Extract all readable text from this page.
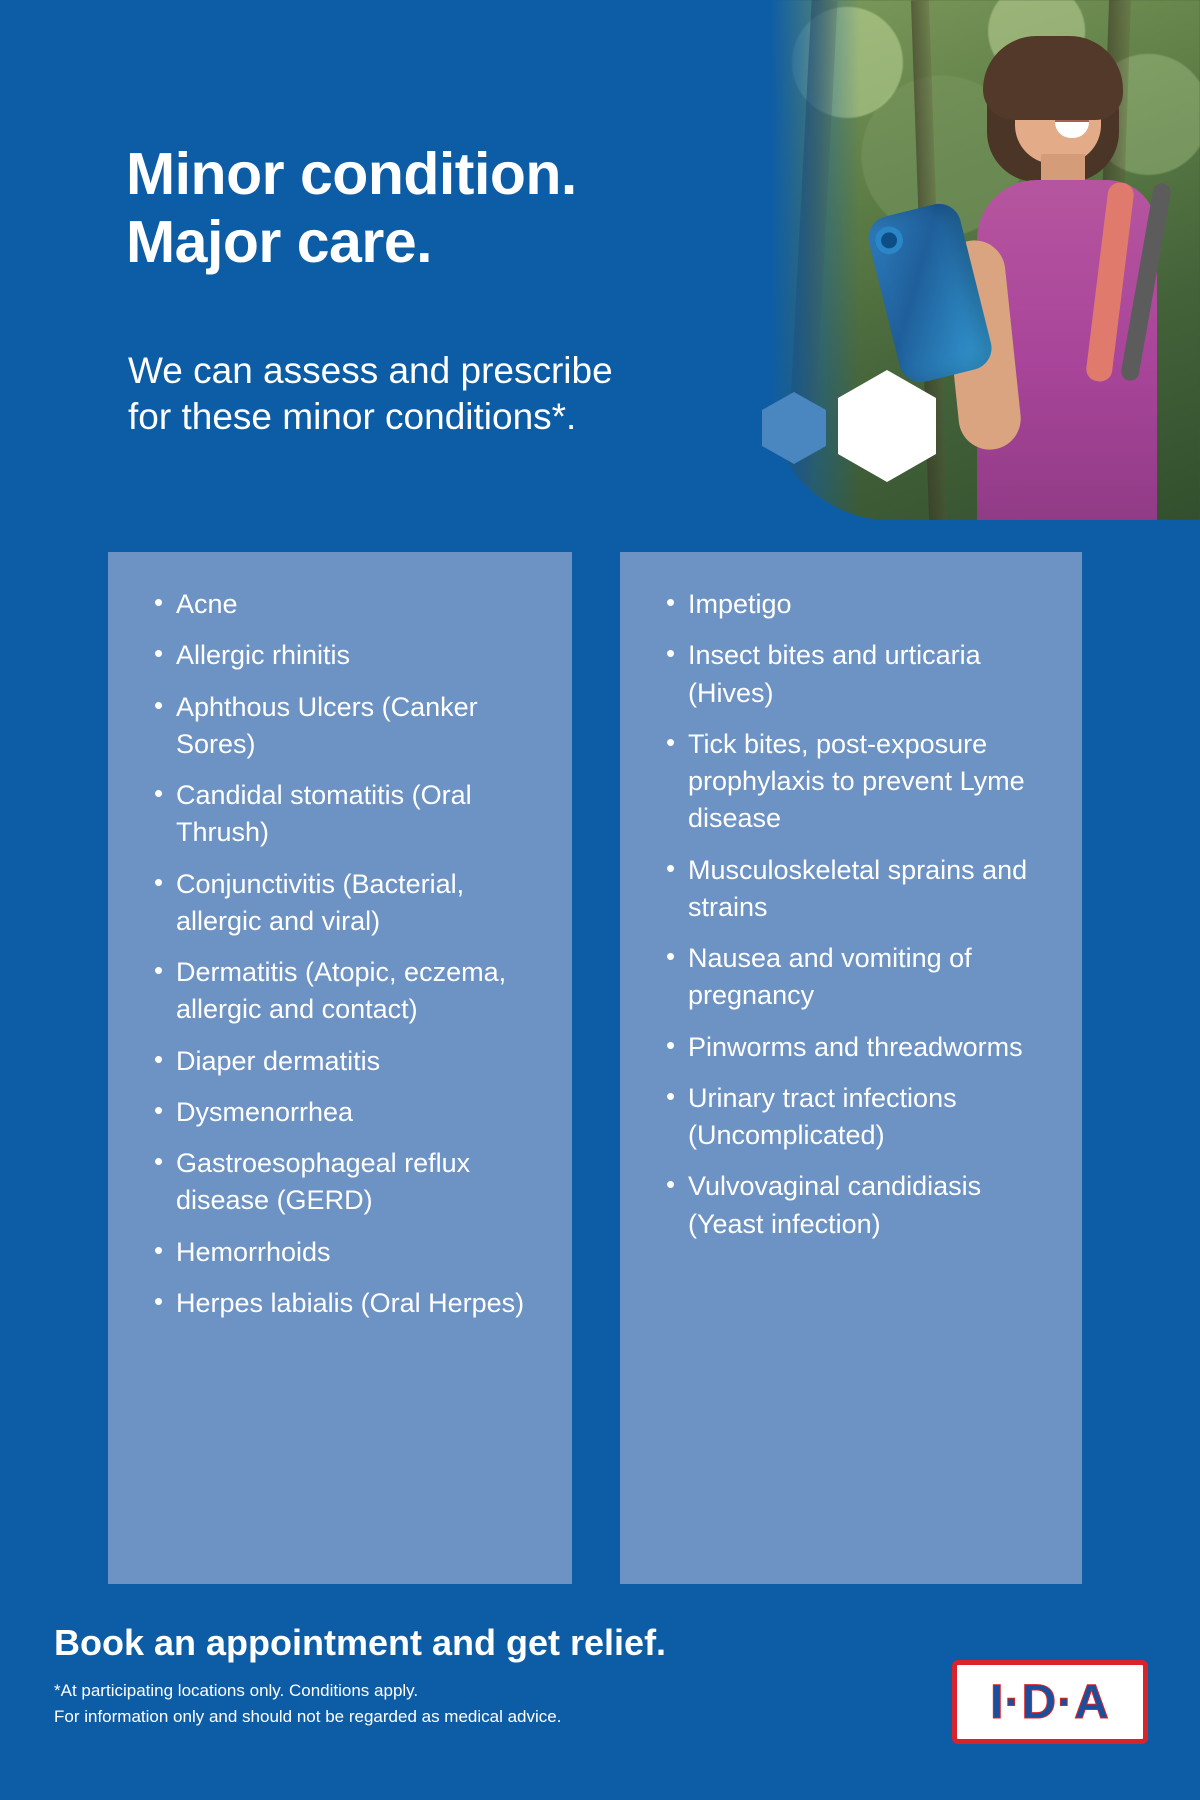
Minor condition.
Major care.
We can assess and prescribe
for these minor conditions*.
• Acne
• Allergic rhinitis
• Aphthous Ulcers (Canker Sores)
• Candidal stomatitis (Oral Thrush)
• Conjunctivitis (Bacterial, allergic and viral)
• Dermatitis (Atopic, eczema, allergic and contact)
• Diaper dermatitis
• Dysmenorrhea
• Gastroesophageal reflux disease (GERD)
• Hemorrhoids
• Herpes labialis (Oral Herpes)
• Impetigo
• Insect bites and urticaria (Hives)
• Tick bites, post-exposure prophylaxis to prevent Lyme disease
• Musculoskeletal sprains and strains
• Nausea and vomiting of pregnancy
• Pinworms and threadworms
• Urinary tract infections (Uncomplicated)
• Vulvovaginal candidiasis (Yeast infection)
Book an appointment and get relief.
*At participating locations only. Conditions apply.
For information only and should not be regarded as medical advice.	I·D·A
